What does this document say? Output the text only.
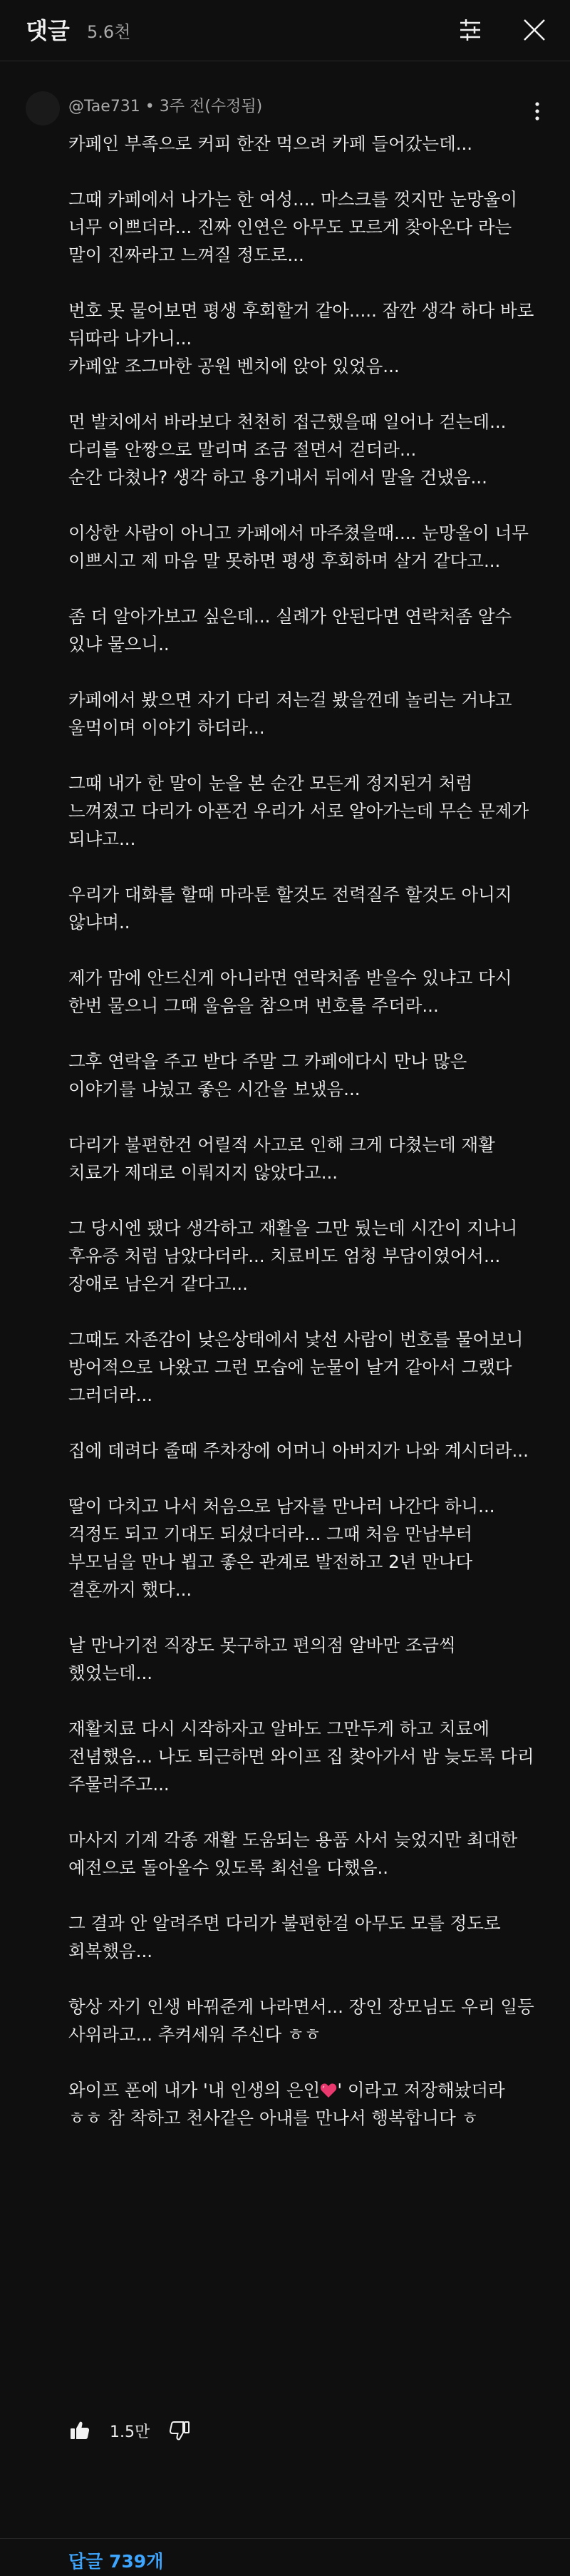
댓글 5.6천
@Tae731 • 3주 전(수정됨)

카페인 부족으로 커피 한잔 먹으려 카페 들어갔는데...

그때 카페에서 나가는 한 여성.... 마스크를 껏지만 눈망울이 너무 이쁘더라... 진짜 인연은 아무도 모르게 찾아온다 라는 말이 진짜라고 느껴질 정도로...

번호 못 물어보면 평생 후회할거 같아..... 잠깐 생각 하다 바로 뒤따라 나가니...
카페앞 조그마한 공원 벤치에 앉아 있었음...

먼 발치에서 바라보다 천천히 접근했을때 일어나 걷는데... 다리를 안짱으로 말리며 조금 절면서 걷더라...
순간 다쳤나? 생각 하고 용기내서 뒤에서 말을 건냈음...

이상한 사람이 아니고 카페에서 마주쳤을때.... 눈망울이 너무 이쁘시고 제 마음 말 못하면 평생 후회하며 살거 같다고...

좀 더 알아가보고 싶은데... 실례가 안된다면 연락처좀 알수 있냐 물으니..

카페에서 봤으면 자기 다리 저는걸 봤을껀데 놀리는 거냐고 울먹이며 이야기 하더라...

그때 내가 한 말이 눈을 본 순간 모든게 정지된거 처럼 느껴졌고 다리가 아픈건 우리가 서로 알아가는데 무슨 문제가 되냐고...

우리가 대화를 할때 마라톤 할것도 전력질주 할것도 아니지 않냐며..

제가 맘에 안드신게 아니라면 연락처좀 받을수 있냐고 다시 한번 물으니 그때 울음을 참으며 번호를 주더라...

그후 연락을 주고 받다 주말 그 카페에다시 만나 많은 이야기를 나눴고 좋은 시간을 보냈음...

다리가 불편한건 어릴적 사고로 인해 크게 다쳤는데 재활 치료가 제대로 이뤄지지 않았다고...

그 당시엔 됐다 생각하고 재활을 그만 뒀는데 시간이 지나니 후유증 처럼 남았다더라... 치료비도 엄청 부담이였어서... 장애로 남은거 같다고...

그때도 자존감이 낮은상태에서 낯선 사람이 번호를 물어보니 방어적으로 나왔고 그런 모습에 눈물이 날거 같아서 그랬다 그러더라...

집에 데려다 줄때 주차장에 어머니 아버지가 나와 계시더라...

딸이 다치고 나서 처음으로 남자를 만나러 나간다 하니... 걱정도 되고 기대도 되셨다더라... 그때 처음 만남부터 부모님을 만나 뵙고 좋은 관계로 발전하고 2년 만나다 결혼까지 했다...

날 만나기전 직장도 못구하고 편의점 알바만 조금씩 했었는데...

재활치료 다시 시작하자고 알바도 그만두게 하고 치료에 전념했음... 나도 퇴근하면 와이프 집 찾아가서 밤 늦도록 다리 주물러주고...

마사지 기계 각종 재활 도움되는 용품 사서 늦었지만 최대한 예전으로 돌아올수 있도록 최선을 다했음..

그 결과 안 알려주면 다리가 불편한걸 아무도 모를 정도로 회복했음...

항상 자기 인생 바꿔준게 나라면서... 장인 장모님도 우리 일등 사위라고... 추켜세워 주신다 ㅎㅎ

와이프 폰에 내가 '내 인생의 은인 ' 이라고 저장해놨더라 ㅎㅎ 참 착하고 천사같은 아내를 만나서 행복합니다 ㅎ

1.5만
답글 739개
